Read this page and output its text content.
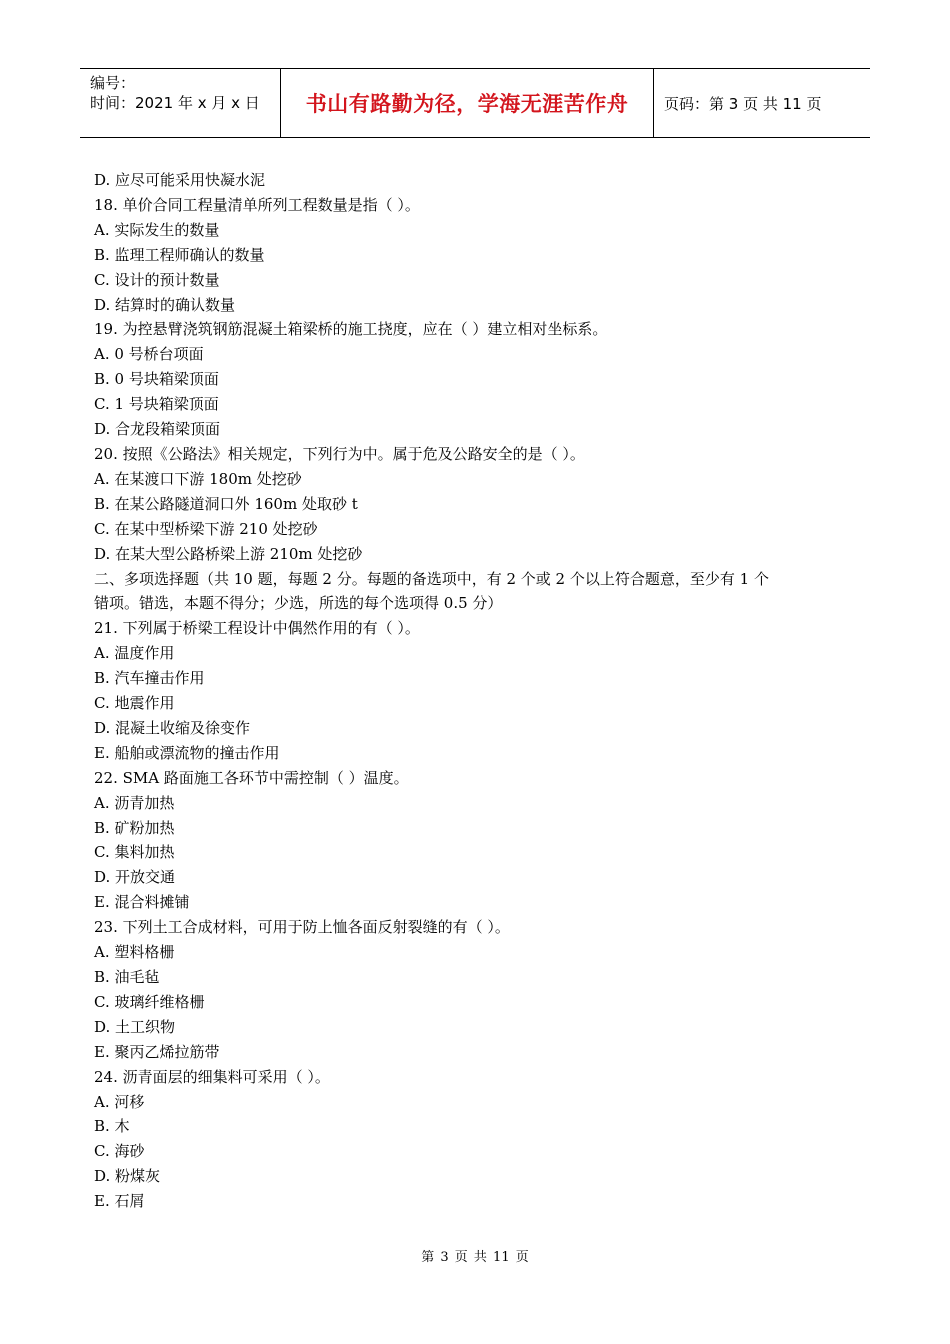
编号：
时间：2021 年 x 月 x 日	书山有路勤为径，学海无涯苦作舟	页码：第 3 页 共 11 页
D. 应尽可能采用快凝水泥
18. 单价合同工程量清单所列工程数量是指（ ）。
A. 实际发生的数量
B. 监理工程师确认的数量
C. 设计的预计数量
D. 结算时的确认数量
19. 为控悬臂浇筑钢筋混凝土箱梁桥的施工挠度，应在（ ）建立相对坐标系。
A. 0 号桥台项面
B. 0 号块箱梁顶面
C. 1 号块箱梁顶面
D. 合龙段箱梁顶面
20. 按照《公路法》相关规定，下列行为中。属于危及公路安全的是（ ）。
A. 在某渡口下游 180m 处挖砂
B. 在某公路隧道洞口外 160m 处取砂 t
C. 在某中型桥梁下游 210 处挖砂
D. 在某大型公路桥梁上游 210m 处挖砂
二、多项选择题（共 10 题，每题 2 分。每题的备选项中，有 2 个或 2 个以上符合题意，至少有 1 个
错项。错选，本题不得分；少选，所选的每个选项得 0.5 分）
21. 下列属于桥梁工程设计中偶然作用的有（ ）。
A. 温度作用
B. 汽车撞击作用
C. 地震作用
D. 混凝土收缩及徐变作
E. 船舶或漂流物的撞击作用
22. SMA 路面施工各环节中需控制（ ）温度。
A. 沥青加热
B. 矿粉加热
C. 集料加热
D. 开放交通
E. 混合料摊铺
23. 下列土工合成材料，可用于防上恤各面反射裂缝的有（ ）。
A. 塑料格栅
B. 油毛毡
C. 玻璃纤维格栅
D. 土工织物
E. 聚丙乙烯拉筋带
24. 沥青面层的细集料可采用（ ）。
A. 河移
B. 木
C. 海砂
D. 粉煤灰
E. 石屑
第 3 页 共 11 页
